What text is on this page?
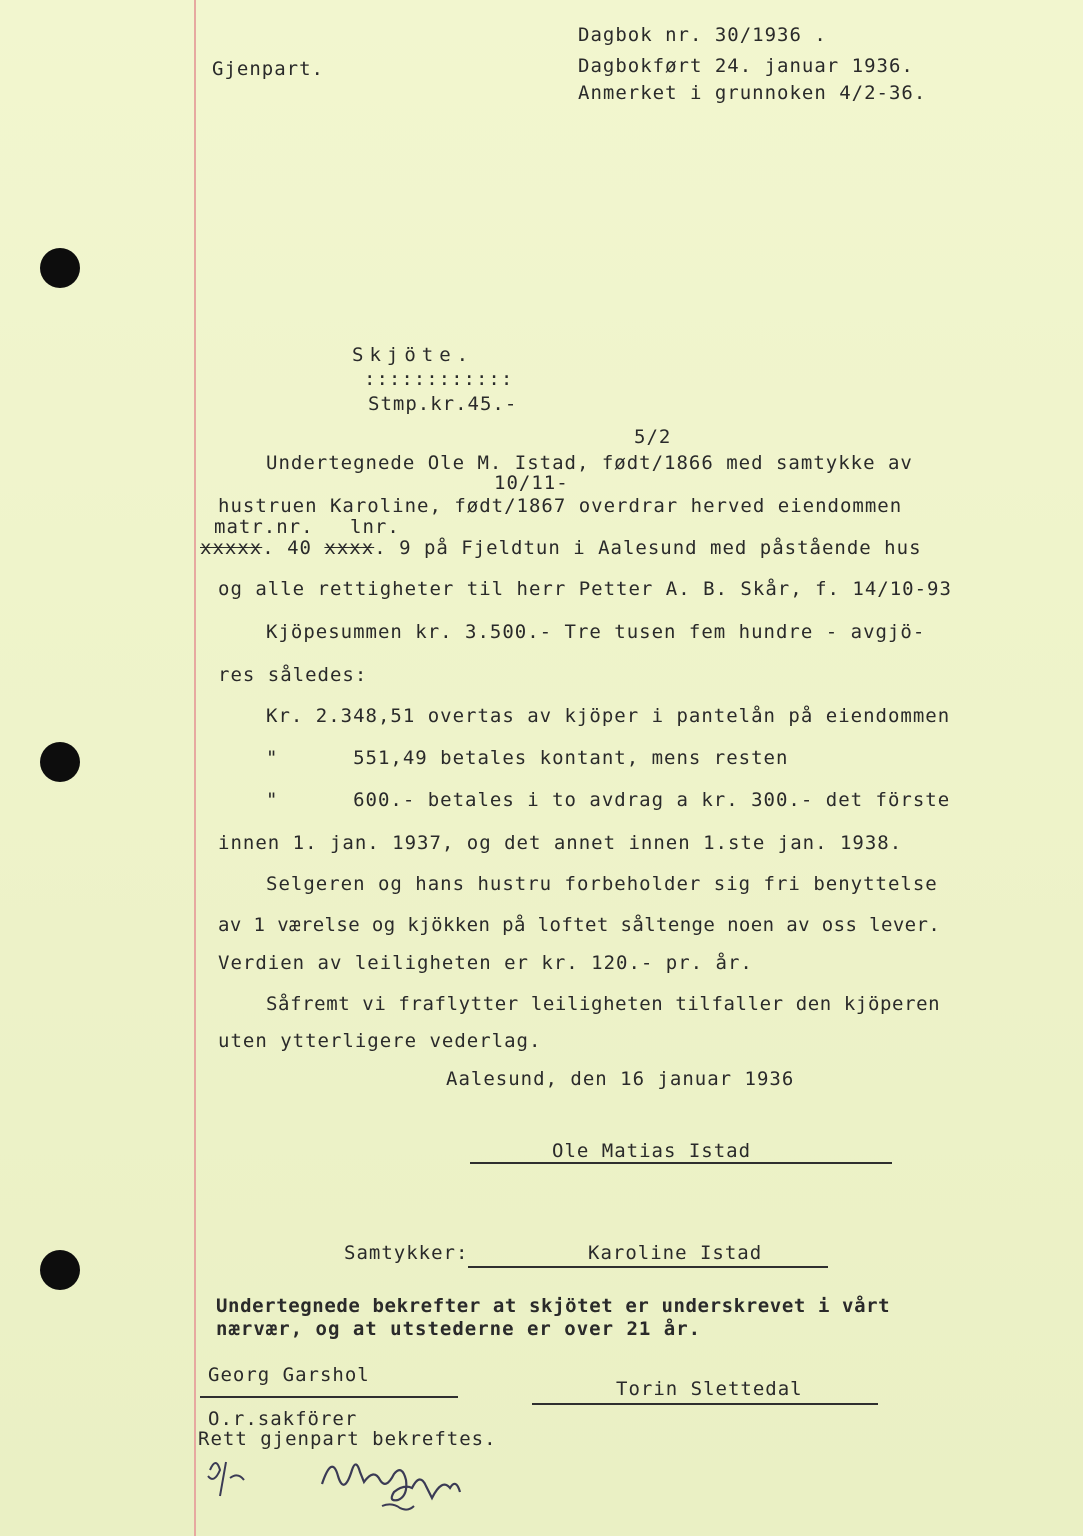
Gjenpart.
Dagbok nr. 30/1936 .
Dagbokført 24. januar 1936.
Anmerket i grunnoken 4/2-36.
Skjöte.
::::::::::::
Stmp.kr.45.-
5/2
10/11-
matr.nr. lnr.
Undertegnede Ole M. Istad, født/1866 med samtykke av
hustruen Karoline, født/1867 overdrar herved eiendommen
xxxxx. 40 xxxx. 9 på Fjeldtun i Aalesund med påstående hus
og alle rettigheter til herr Petter A. B. Skår, f. 14/10-93
Kjöpesummen kr. 3.500.- Tre tusen fem hundre - avgjö-
res således:
Kr. 2.348,51 overtas av kjöper i pantelån på eiendommen
"      551,49 betales kontant, mens resten
"      600.- betales i to avdrag a kr. 300.- det förste
innen 1. jan. 1937, og det annet innen 1.ste jan. 1938.
Selgeren og hans hustru forbeholder sig fri benyttelse
av 1 værelse og kjökken på loftet såltenge noen av oss lever.
Verdien av leiligheten er kr. 120.- pr. år.
Såfremt vi fraflytter leiligheten tilfaller den kjöperen
uten ytterligere vederlag.
Aalesund, den 16 januar 1936
Ole Matias Istad
Samtykker:	Karoline Istad
Undertegnede bekrefter at skjötet er underskrevet i vårt
nærvær, og at utstederne er over 21 år.
Georg Garshol
Torin Slettedal
O.r.sakförer
Rett gjenpart bekreftes.
